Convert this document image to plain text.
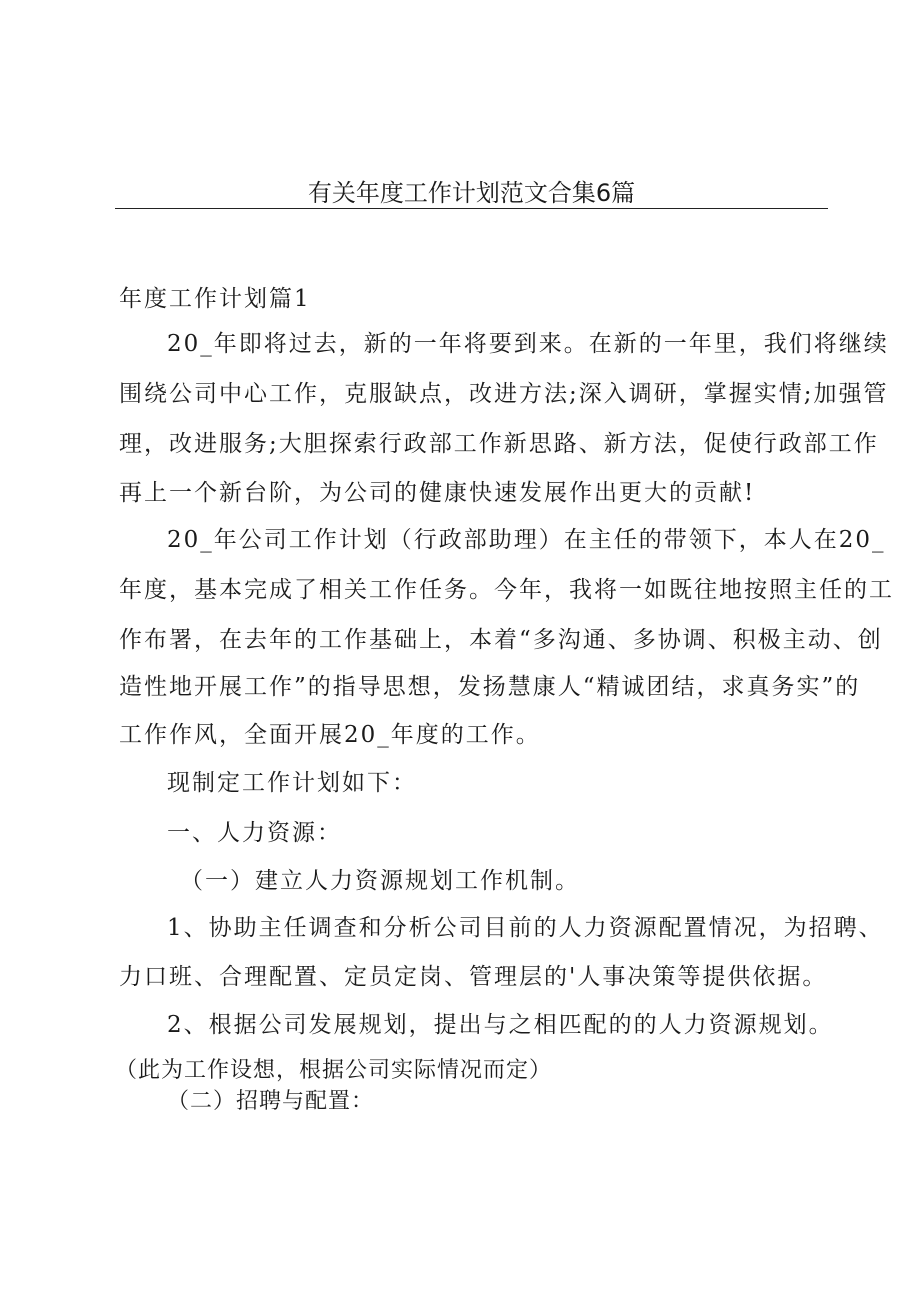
有关年度工作计划范文合集6篇

年度工作计划篇1

20_年即将过去，新的一年将要到来。在新的一年里，我们将继续

围绕公司中心工作，克服缺点，改进方法;深入调研，掌握实情;加强管

理，改进服务;大胆探索行政部工作新思路、新方法，促使行政部工作

再上一个新台阶，为公司的健康快速发展作出更大的贡献!

20_年公司工作计划（行政部助理）在主任的带领下，本人在20_

年度，基本完成了相关工作任务。今年，我将一如既往地按照主任的工

作布署，在去年的工作基础上，本着“多沟通、多协调、积极主动、创

造性地开展工作”的指导思想，发扬慧康人“精诚团结，求真务实”的

工作作风，全面开展20_年度的工作。

现制定工作计划如下：

一、人力资源：

（一）建立人力资源规划工作机制。

1、协助主任调查和分析公司目前的人力资源配置情况，为招聘、

力口班、合理配置、定员定岗、管理层的'人事决策等提供依据。

2、根据公司发展规划，提出与之相匹配的的人力资源规划。

（此为工作设想，根据公司实际情况而定）

（二）招聘与配置：
